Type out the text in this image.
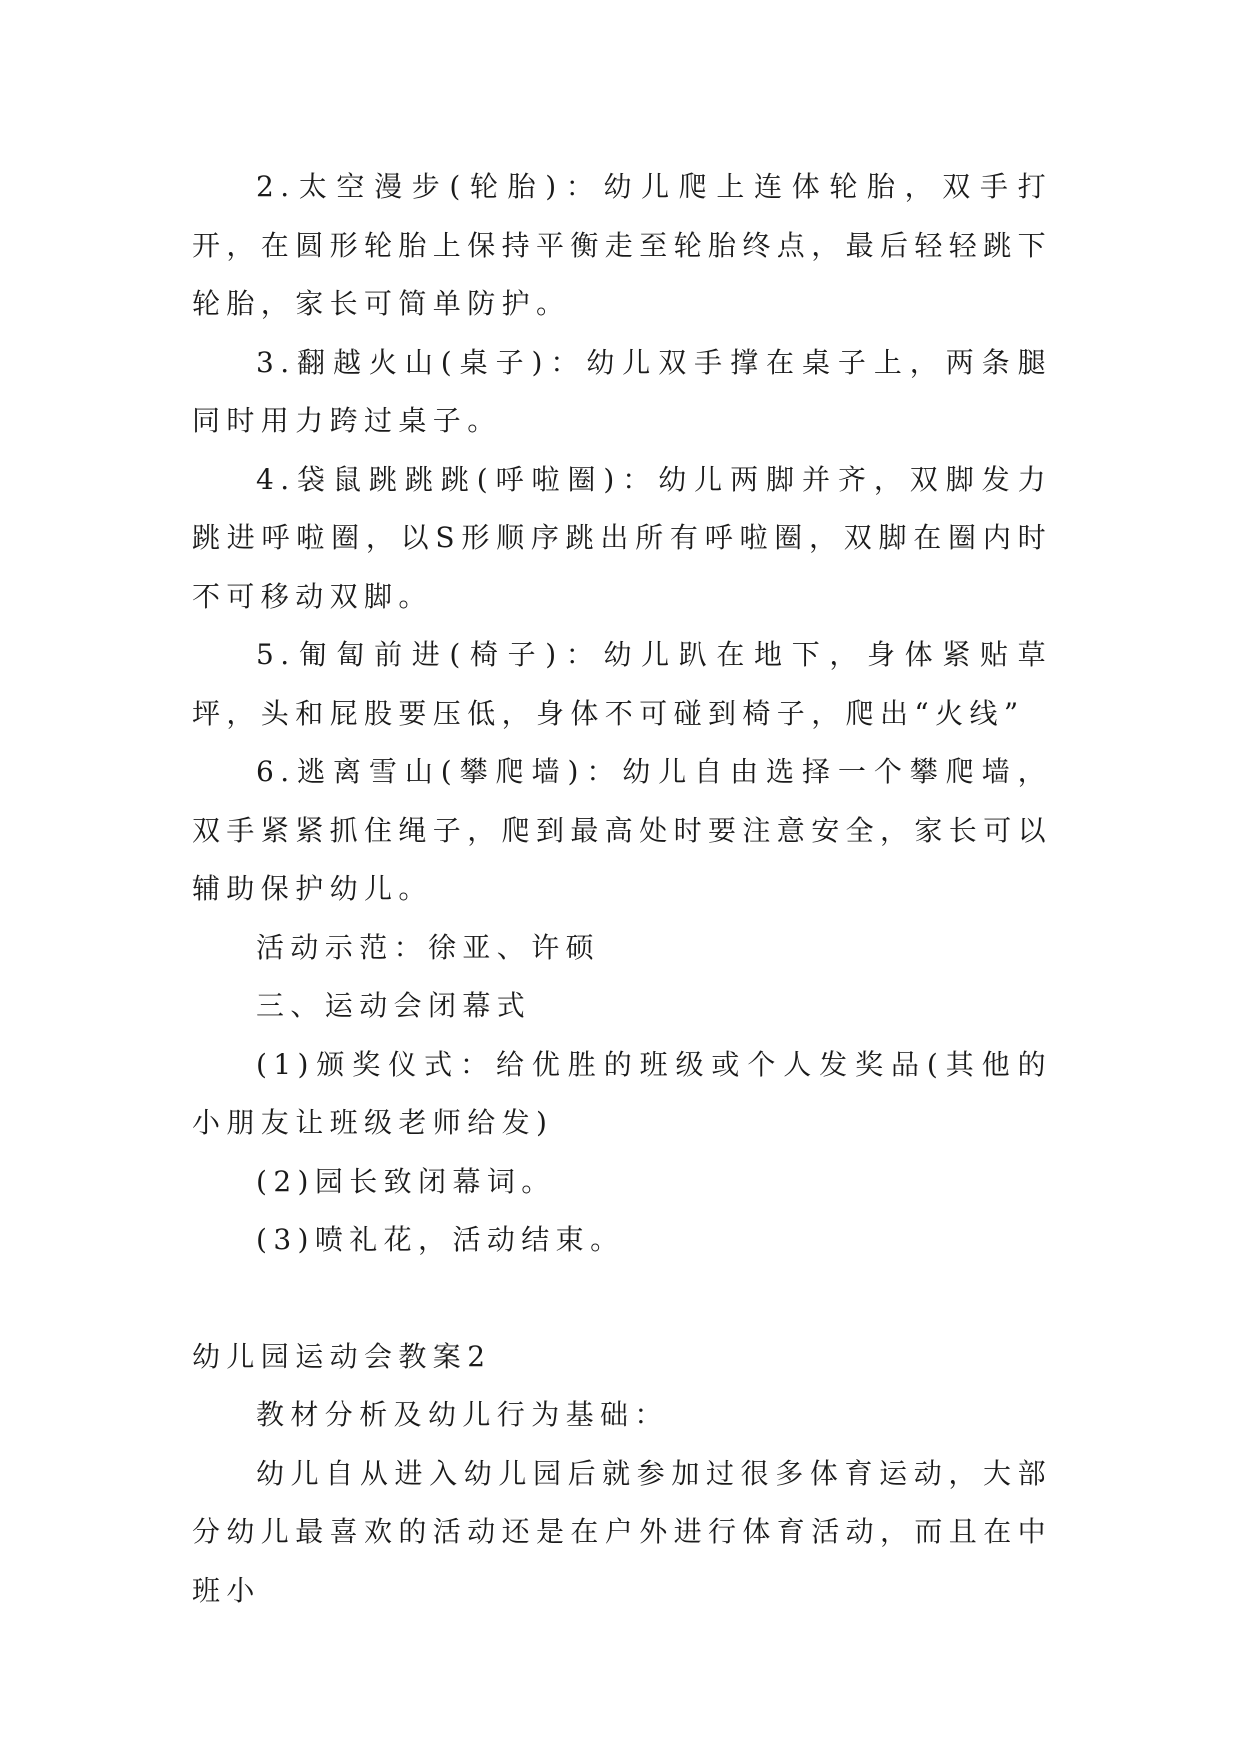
2.太空漫步(轮胎)：幼儿爬上连体轮胎，双手打开，在圆形轮胎上保持平衡走至轮胎终点，最后轻轻跳下轮胎，家长可简单防护。

3.翻越火山(桌子)：幼儿双手撑在桌子上，两条腿同时用力跨过桌子。

4.袋鼠跳跳跳(呼啦圈)：幼儿两脚并齐，双脚发力跳进呼啦圈，以S形顺序跳出所有呼啦圈，双脚在圈内时不可移动双脚。

5.匍匐前进(椅子)：幼儿趴在地下，身体紧贴草坪，头和屁股要压低，身体不可碰到椅子，爬出“火线”

6.逃离雪山(攀爬墙)：幼儿自由选择一个攀爬墙，双手紧紧抓住绳子，爬到最高处时要注意安全，家长可以辅助保护幼儿。

活动示范：徐亚、许硕

三、运动会闭幕式

(1)颁奖仪式：给优胜的班级或个人发奖品(其他的小朋友让班级老师给发)

(2)园长致闭幕词。

(3)喷礼花，活动结束。

幼儿园运动会教案2

教材分析及幼儿行为基础：

幼儿自从进入幼儿园后就参加过很多体育运动，大部分幼儿最喜欢的活动还是在户外进行体育活动，而且在中班小
